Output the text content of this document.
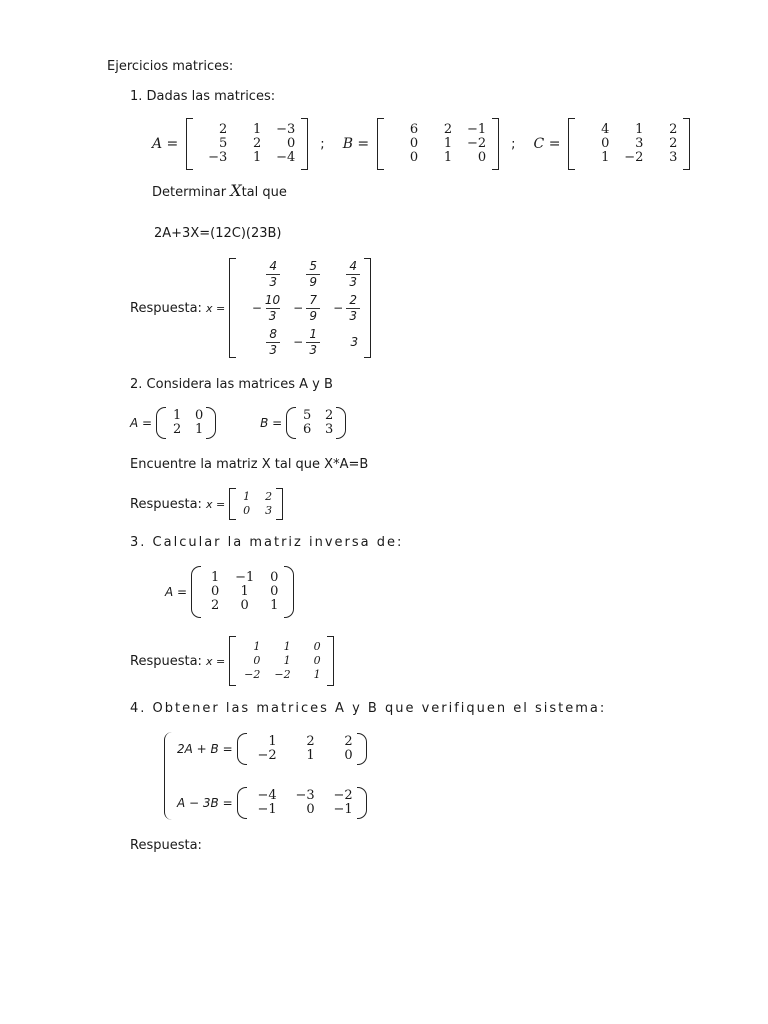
Ejercicios matrices:
1. Dadas las matrices:
A =
2	1	−3
5	2	0
−3	1	−4
; B =
6	2	−1
0	1	−2
0	1	0
; C =
4	1	2
0	3	2
1	−2	3
Determinar Xtal que
2A+3X=(12C)(23B)
Respuesta: x =
$\frac{4}{3} \frac{5}{9} \frac{4}{3}$
− $\frac{10}{3} - \frac{7}{9} - \frac{2}{3}$
$\frac{8}{3} - \frac{1}{3}$	3
2. Considera las matrices A y B
A = 1	0
2	1	B = 5	2
6	3
Encuentre la matriz X tal que X*A=B
Respuesta: x =
1	2
0	3
3. Calcular la matriz inversa de:
A =
1	−1	0
0	1	0
2	0	1
Respuesta: x =
1	1	0
0	1	0
−2	−2	1
4. Obtener las matrices A y B que verifiquen el sistema:
2A + B =	1	2	2
−2	1	0
A − 3B = −4	−3	−2
−1	0	−1
Respuesta:
